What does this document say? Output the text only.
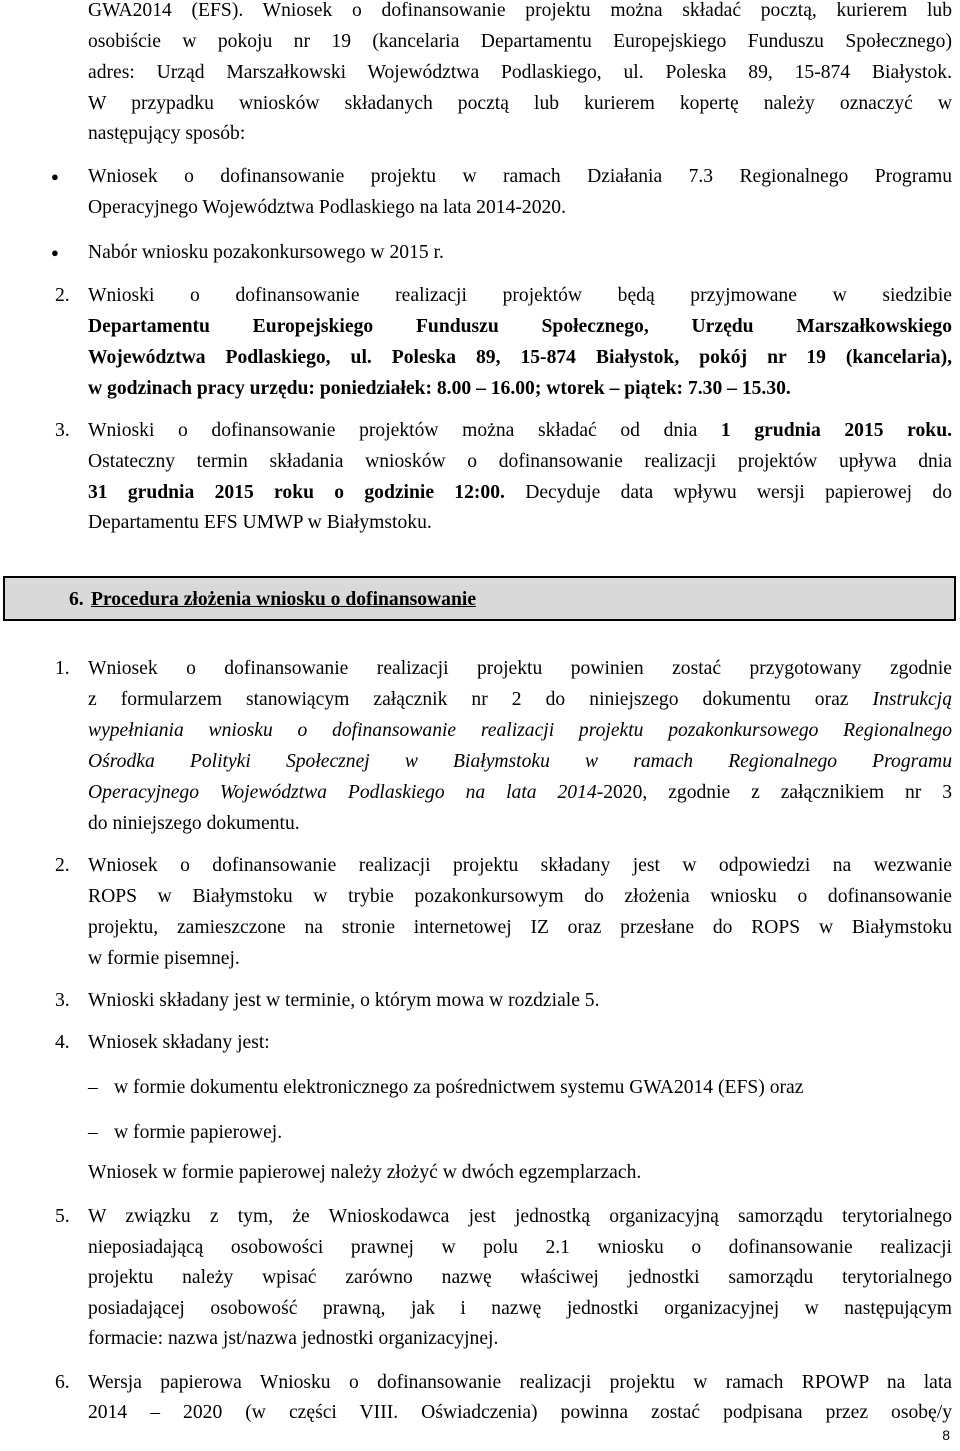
GWA2014 (EFS). Wniosek o dofinansowanie projektu można składać pocztą, kurierem lub
osobiście w pokoju nr 19 (kancelaria Departamentu Europejskiego Funduszu Społecznego)
adres: Urząd Marszałkowski Województwa Podlaskiego, ul. Poleska 89, 15-874 Białystok.
W przypadku wniosków składanych pocztą lub kurierem kopertę należy oznaczyć w
następujący sposób:
● Wniosek o dofinansowanie projektu w ramach Działania 7.3 Regionalnego Programu
Operacyjnego Województwa Podlaskiego na lata 2014-2020.
● Nabór wniosku pozakonkursowego w 2015 r.
2. Wnioski o dofinansowanie realizacji projektów będą przyjmowane w siedzibie
Departamentu Europejskiego Funduszu Społecznego, Urzędu Marszałkowskiego
Województwa Podlaskiego, ul. Poleska 89, 15-874 Białystok, pokój nr 19 (kancelaria),
w godzinach pracy urzędu: poniedziałek: 8.00 – 16.00; wtorek – piątek: 7.30 – 15.30.
3. Wnioski o dofinansowanie projektów można składać od dnia 1 grudnia 2015 roku.
Ostateczny termin składania wniosków o dofinansowanie realizacji projektów upływa dnia
31 grudnia 2015 roku o godzinie 12:00. Decyduje data wpływu wersji papierowej do
Departamentu EFS UMWP w Białymstoku.
6. Procedura złożenia wniosku o dofinansowanie
1. Wniosek o dofinansowanie realizacji projektu powinien zostać przygotowany zgodnie
z formularzem stanowiącym załącznik nr 2 do niniejszego dokumentu oraz Instrukcją
wypełniania wniosku o dofinansowanie realizacji projektu pozakonkursowego Regionalnego
Ośrodka Polityki Społecznej w Białymstoku w ramach Regionalnego Programu
Operacyjnego Województwa Podlaskiego na lata 2014-2020, zgodnie z załącznikiem nr 3
do niniejszego dokumentu.
2. Wniosek o dofinansowanie realizacji projektu składany jest w odpowiedzi na wezwanie
ROPS w Białymstoku w trybie pozakonkursowym do złożenia wniosku o dofinansowanie
projektu, zamieszczone na stronie internetowej IZ oraz przesłane do ROPS w Białymstoku
w formie pisemnej.
3. Wnioski składany jest w terminie, o którym mowa w rozdziale 5.
4. Wniosek składany jest:
– w formie dokumentu elektronicznego za pośrednictwem systemu GWA2014 (EFS) oraz
– w formie papierowej.
Wniosek w formie papierowej należy złożyć w dwóch egzemplarzach.
5. W związku z tym, że Wnioskodawca jest jednostką organizacyjną samorządu terytorialnego
nieposiadającą osobowości prawnej w polu 2.1 wniosku o dofinansowanie realizacji
projektu należy wpisać zarówno nazwę właściwej jednostki samorządu terytorialnego
posiadającej osobowość prawną, jak i nazwę jednostki organizacyjnej w następującym
formacie: nazwa jst/nazwa jednostki organizacyjnej.
6. Wersja papierowa Wniosku o dofinansowanie realizacji projektu w ramach RPOWP na lata
2014 – 2020 (w części VIII. Oświadczenia) powinna zostać podpisana przez osobę/y
8
